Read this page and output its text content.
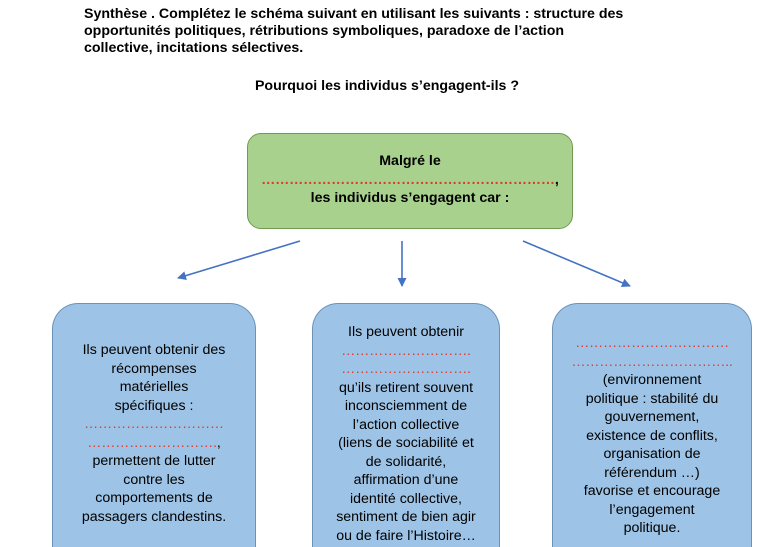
Synthèse . Complétez le schéma suivant en utilisant les suivants : structure des
opportunités politiques, rétributions symboliques, paradoxe de l’action
collective, incitations sélectives.
Pourquoi les individus s’engagent-ils ?
Malgré le
………………………………………………………,
les individus s’engagent car :
Ils peuvent obtenir des
récompenses
matérielles
spécifiques :
…………………………
……………………….,
permettent de lutter
contre les
comportements de
passagers clandestins.
Ils peuvent obtenir
……………………….
……………………….
qu’ils retirent souvent
inconsciemment de
l’action collective
(liens de sociabilité et
de solidarité,
affirmation d’une
identité collective,
sentiment de bien agir
ou de faire l’Histoire…
……………………………
……………………………..
(environnement
politique : stabilité du
gouvernement,
existence de conflits,
organisation de
référendum …)
favorise et encourage
l’engagement
politique.
